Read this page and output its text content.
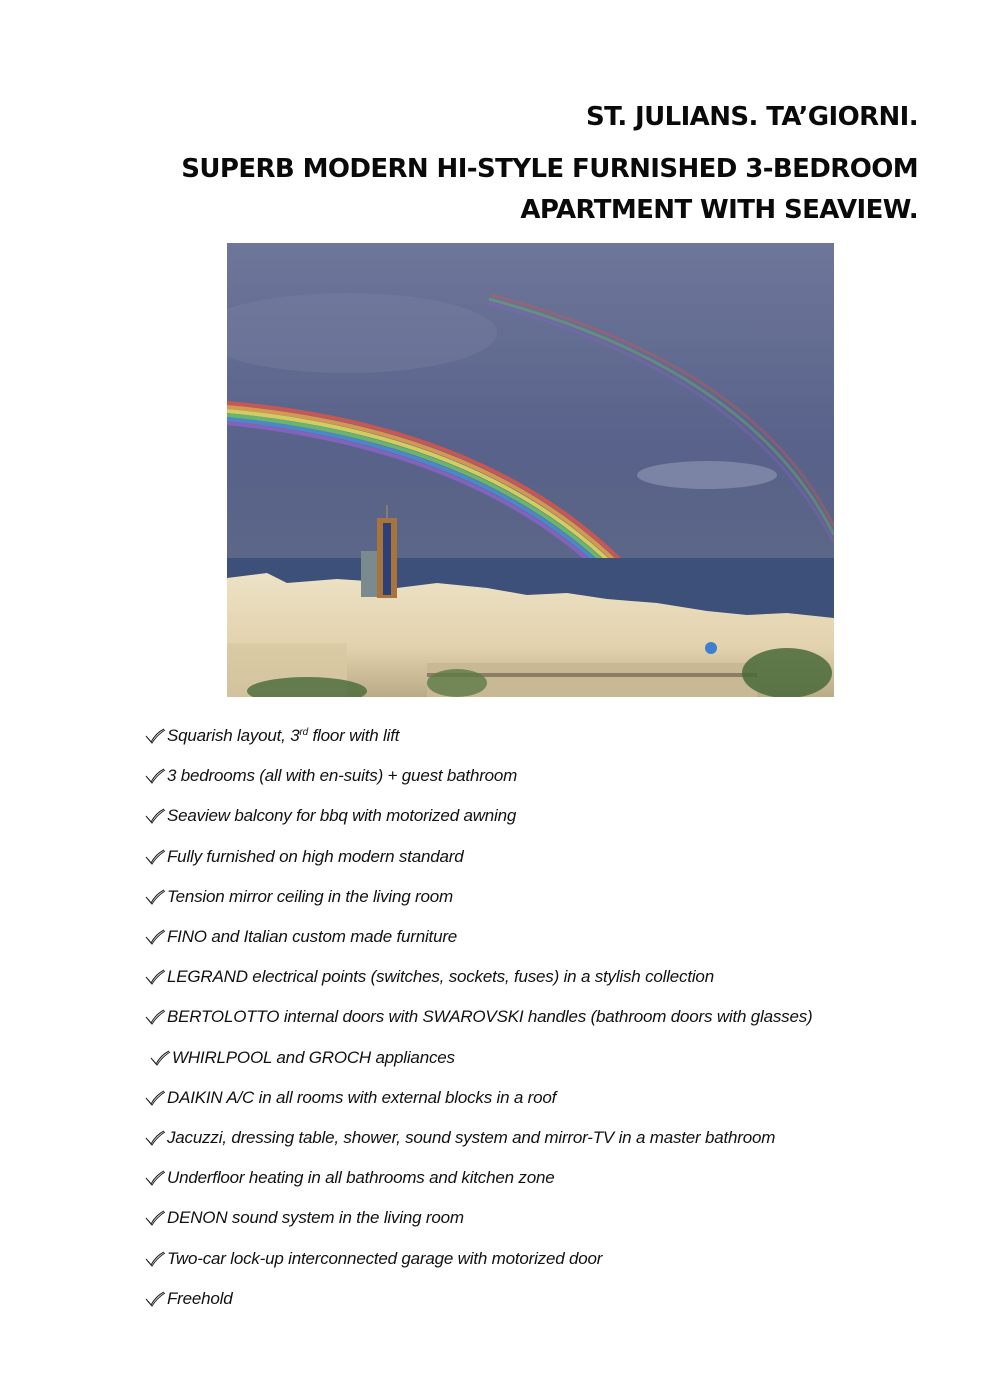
ST. JULIANS. TA’GIORNI.
SUPERB MODERN HI-STYLE FURNISHED 3-BEDROOM
APARTMENT WITH SEAVIEW.
Squarish layout, 3rd floor with lift
3 bedrooms (all with en-suits) + guest bathroom
Seaview balcony for bbq with motorized awning
Fully furnished on high modern standard
Tension mirror ceiling in the living room
FINO and Italian custom made furniture
LEGRAND electrical points (switches, sockets, fuses) in a stylish collection
BERTOLOTTO internal doors with SWAROVSKI handles (bathroom doors with glasses)
WHIRLPOOL and GROCH appliances
DAIKIN A/C in all rooms with external blocks in a roof
Jacuzzi, dressing table, shower, sound system and mirror-TV in a master bathroom
Underfloor heating in all bathrooms and kitchen zone
DENON sound system in the living room
Two-car lock-up interconnected garage with motorized door
Freehold
